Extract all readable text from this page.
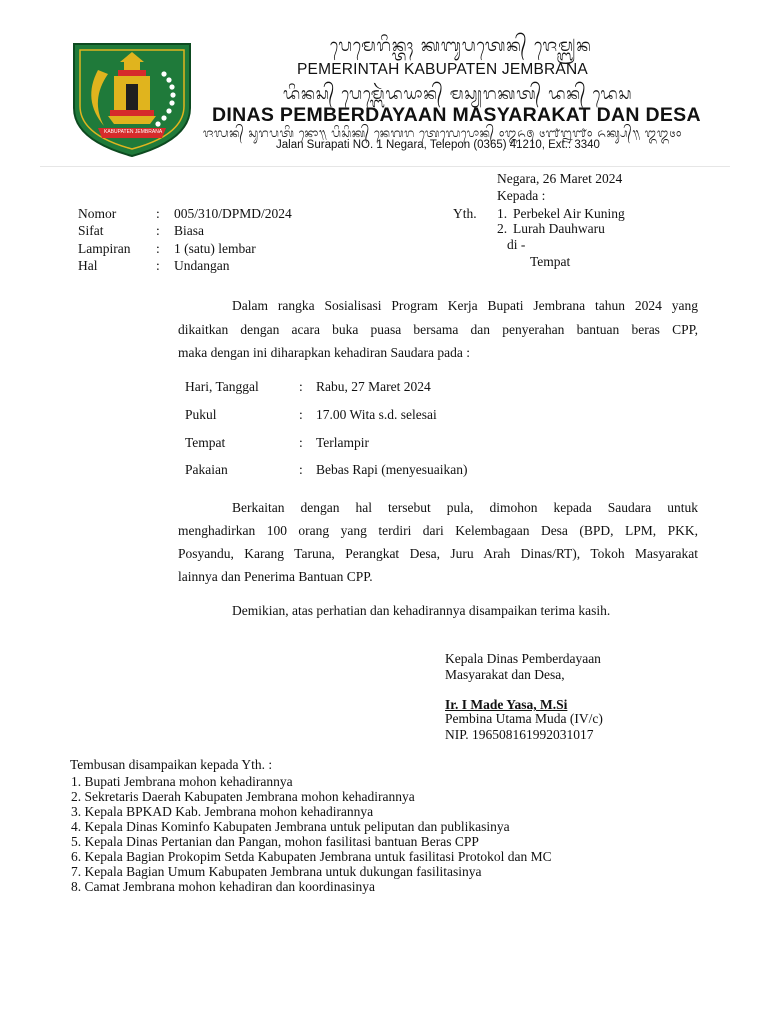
KABUPATEN JEMBRANA
ᬧᬾᬫᬾᬭᬶᬦ᭄ᬢᬄ ᬓᬩᬸᬧᬢᬾᬦ᭄ ᬚᬾᬫ᭄ᬩ᭄ᬭᬦ
PEMERINTAH KABUPATEN JEMBRANA
ᬤᬶᬦᬲ᭄ ᬧᬾᬫ᭄ᬩᬾᬃᬤᬬᬵᬦ᭄ ᬫᬲ᭄ᬬᬭᬓᬢ᭄ ᬤᬦ᭄ ᬤᬾᬲ
DINAS PEMBERDAYAAN MASYARAKAT DAN DESA
ᬚᬮᬦ᭄ ᬲᬸᬭᬧᬢᬶ ᬦᭀ᭟ ᬧᬶᬲᬶᬓ᭄ ᬦᬾᬕᬭ ᬢᬾᬮᬾᬧᭀᬦ᭄ ᭐᭓᭖᭕ ᭔᭑᭒᭑᭐ ᬏᬓ᭄ᬲ᭄᭟ ᭓᭓᭔᭐
Jalan Surapati NO. 1 Negara, Telepon (0365) 41210, Ext.: 3340
Negara, 26 Maret 2024
Kepada :
Yth. 1. Perbekel Air Kuning
2. Lurah Dauhwaru
di -
Tempat
Nomor	: 005/310/DPMD/2024
Sifat	: Biasa
Lampiran : 1 (satu) lembar
Hal	: Undangan
Dalam rangka Sosialisasi Program Kerja Bupati Jembrana tahun 2024 yang
dikaitkan dengan acara buka puasa bersama dan penyerahan bantuan beras CPP,
maka dengan ini diharapkan kehadiran Saudara pada :
Hari, Tanggal	: Rabu, 27 Maret 2024
Pukul	: 17.00 Wita s.d. selesai
Tempat	: Terlampir
Pakaian	: Bebas Rapi (menyesuaikan)
Berkaitan dengan hal tersebut pula, dimohon kepada Saudara untuk
menghadirkan 100 orang yang terdiri dari Kelembagaan Desa (BPD, LPM, PKK,
Posyandu, Karang Taruna, Perangkat Desa, Juru Arah Dinas/RT), Tokoh Masyarakat
lainnya dan Penerima Bantuan CPP.
Demikian, atas perhatian dan kehadirannya disampaikan terima kasih.
Kepala Dinas Pemberdayaan
Masyarakat dan Desa,
Ir. I Made Yasa, M.Si
Pembina Utama Muda (IV/c)
NIP. 196508161992031017
Tembusan disampaikan kepada Yth. :
1. Bupati Jembrana mohon kehadirannya
2. Sekretaris Daerah Kabupaten Jembrana mohon kehadirannya
3. Kepala BPKAD Kab. Jembrana mohon kehadirannya
4. Kepala Dinas Kominfo Kabupaten Jembrana untuk peliputan dan publikasinya
5. Kepala Dinas Pertanian dan Pangan, mohon fasilitasi bantuan Beras CPP
6. Kepala Bagian Prokopim Setda Kabupaten Jembrana untuk fasilitasi Protokol dan MC
7. Kepala Bagian Umum Kabupaten Jembrana untuk dukungan fasilitasinya
8. Camat Jembrana mohon kehadiran dan koordinasinya
